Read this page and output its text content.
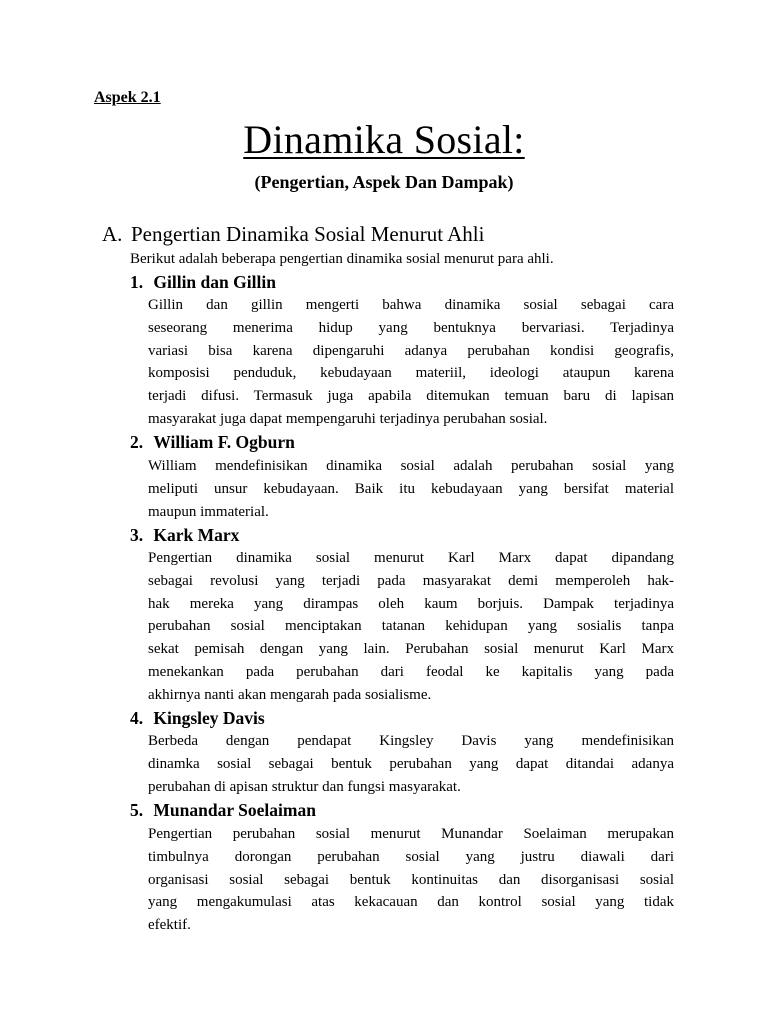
Aspek 2.1
Dinamika Sosial:
(Pengertian, Aspek Dan Dampak)
A. Pengertian Dinamika Sosial Menurut Ahli
Berikut adalah beberapa pengertian dinamika sosial menurut para ahli.
1. Gillin dan Gillin
Gillin dan gillin mengerti bahwa dinamika sosial sebagai cara
seseorang menerima hidup yang bentuknya bervariasi. Terjadinya
variasi bisa karena dipengaruhi adanya perubahan kondisi geografis,
komposisi penduduk, kebudayaan materiil, ideologi ataupun karena
terjadi difusi. Termasuk juga apabila ditemukan temuan baru di lapisan
masyarakat juga dapat mempengaruhi terjadinya perubahan sosial.
2. William F. Ogburn
William mendefinisikan dinamika sosial adalah perubahan sosial yang
meliputi unsur kebudayaan. Baik itu kebudayaan yang bersifat material
maupun immaterial.
3. Kark Marx
Pengertian dinamika sosial menurut Karl Marx dapat dipandang
sebagai revolusi yang terjadi pada masyarakat demi memperoleh hak-
hak mereka yang dirampas oleh kaum borjuis. Dampak terjadinya
perubahan sosial menciptakan tatanan kehidupan yang sosialis tanpa
sekat pemisah dengan yang lain. Perubahan sosial menurut Karl Marx
menekankan pada perubahan dari feodal ke kapitalis yang pada
akhirnya nanti akan mengarah pada sosialisme.
4. Kingsley Davis
Berbeda dengan pendapat Kingsley Davis yang mendefinisikan
dinamka sosial sebagai bentuk perubahan yang dapat ditandai adanya
perubahan di apisan struktur dan fungsi masyarakat.
5. Munandar Soelaiman
Pengertian perubahan sosial menurut Munandar Soelaiman merupakan
timbulnya dorongan perubahan sosial yang justru diawali dari
organisasi sosial sebagai bentuk kontinuitas dan disorganisasi sosial
yang mengakumulasi atas kekacauan dan kontrol sosial yang tidak
efektif.
